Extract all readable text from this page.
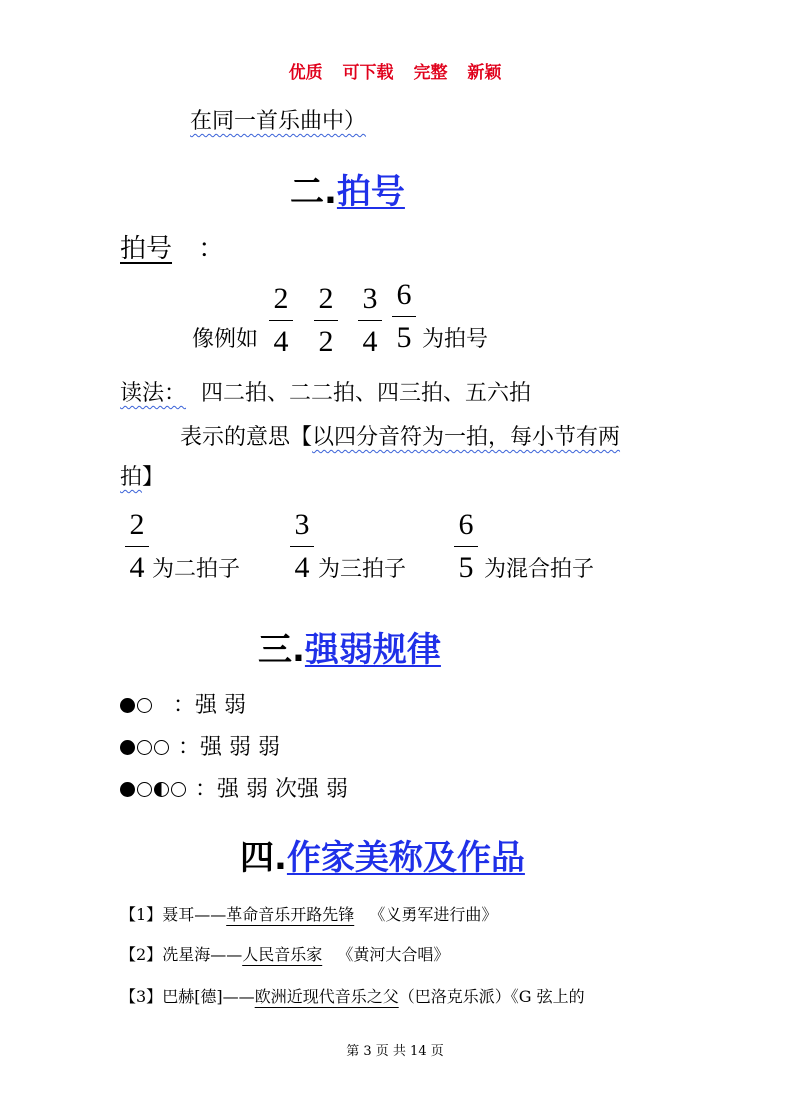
优质 可下载 完整 新颖
在同一首乐曲中）
二.拍号
拍号 ：
像例如
2
4
2
2
3
4
6
5 为拍号
读法： 四二拍、二二拍、四三拍、五六拍
表示的意思【以四分音符为一拍，每小节有两
拍】
2
4 为二拍子
3
4 为三拍子
6
5 为混合拍子
三.强弱规律
：强 弱
：强 弱 弱
：强 弱 次强 弱
四.作家美称及作品
【1】聂耳——革命音乐开路先锋 《义勇军进行曲》
【2】冼星海——人民音乐家 《黄河大合唱》
【3】巴赫[德]——欧洲近现代音乐之父（巴洛克乐派）《G 弦上的
第 3 页 共 14 页
